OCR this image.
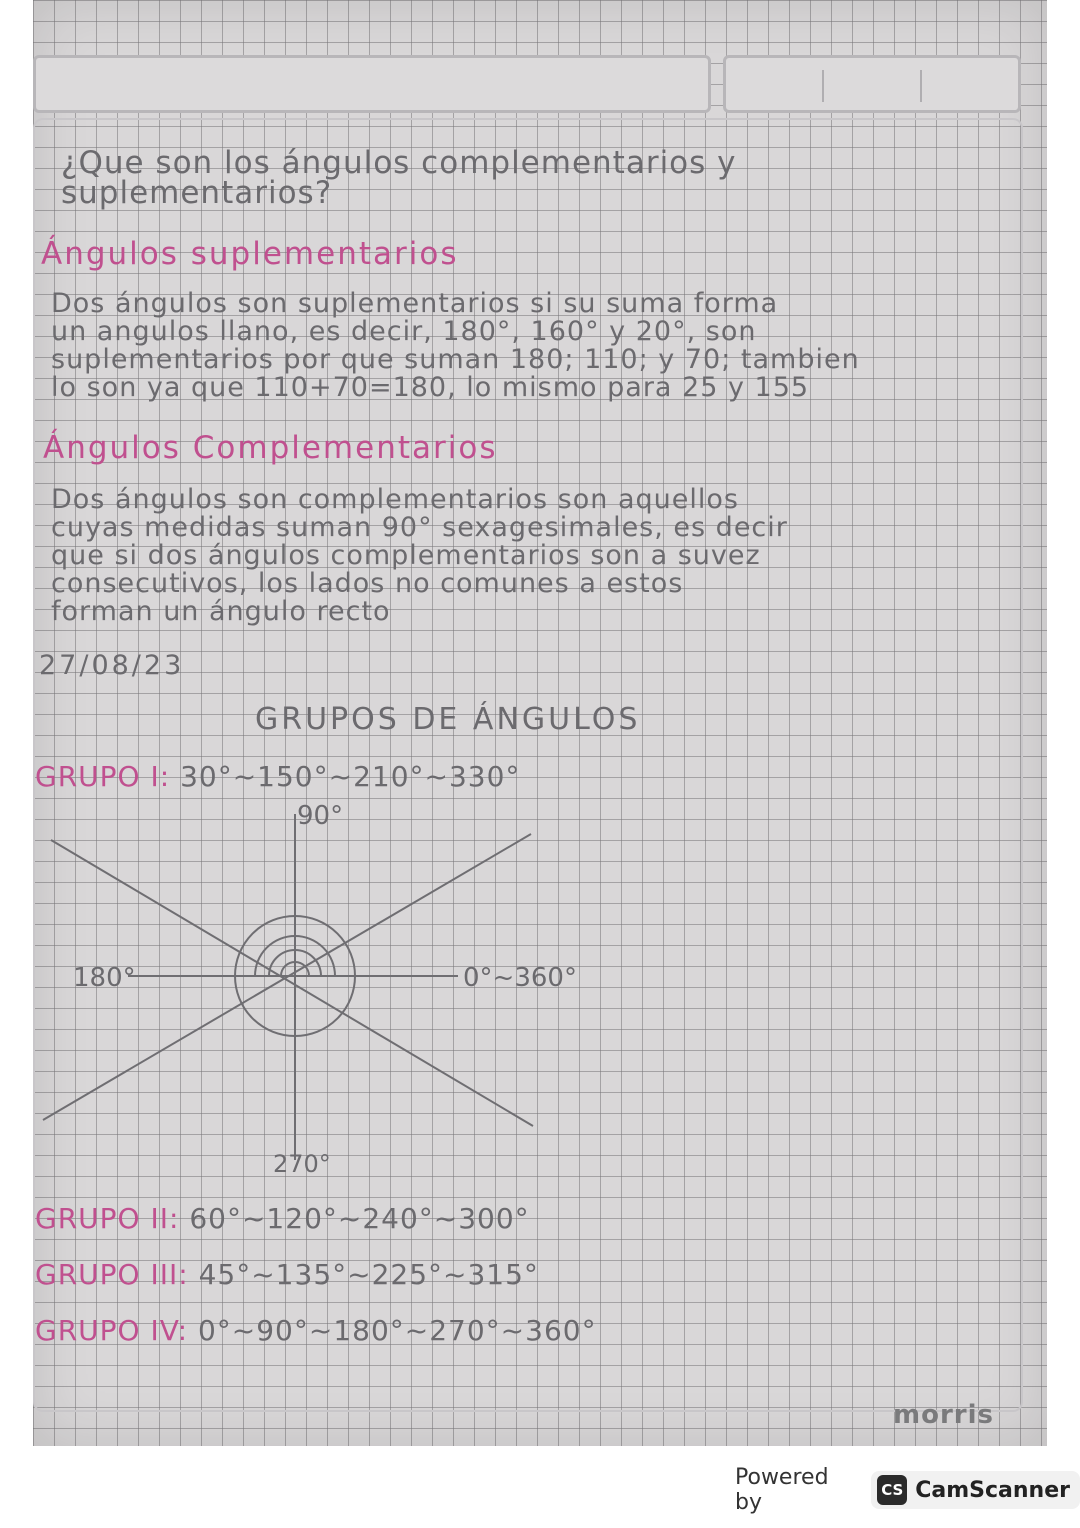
¿Que son los ángulos complementarios y suplementarios?
Ángulos suplementarios
Dos ángulos son suplementarios si su suma forma
un angulos llano, es decir, 180°, 160° y 20°, son
suplementarios por que suman 180; 110; y 70; tambien
lo son ya que 110+70=180, lo mismo para 25 y 155
Ángulos Complementarios
Dos ángulos son complementarios son aquellos
cuyas medidas suman 90° sexagesimales, es decir
que si dos ángulos complementarios son a suvez
consecutivos, los lados no comunes a estos
forman un ángulo recto
27/08/23
GRUPOS DE ÁNGULOS
GRUPO I: 30°~150°~210°~330°
90°
180°	0°~360°
270°
GRUPO II: 60°~120°~240°~300°
GRUPO III: 45°~135°~225°~315°
GRUPO IV: 0°~90°~180°~270°~360°
morris
Powered by	CS CamScanner
